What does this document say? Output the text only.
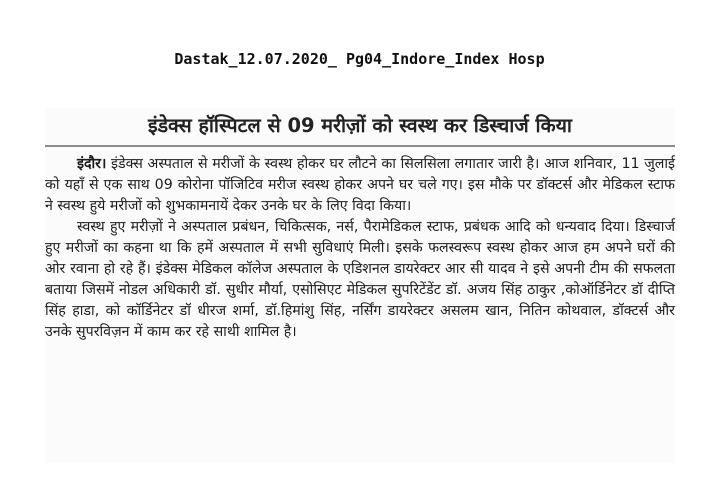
Dastak_12.07.2020_ Pg04_Indore_Index Hosp
इंडेक्स हॉस्पिटल से 09 मरीज़ों को स्वस्थ कर डिस्चार्ज किया

इंदौर। इंडेक्स अस्पताल से मरीजों के स्वस्थ होकर घर लौटने का सिलसिला लगातार जारी है। आज शनिवार, 11 जुलाई को यहाँ से एक साथ 09 कोरोना पॉजिटिव मरीज स्वस्थ होकर अपने घर चले गए। इस मौके पर डॉक्टर्स और मेडिकल स्टाफ ने स्वस्थ हुये मरीजों को शुभकामनायें देकर उनके घर के लिए विदा किया।

स्वस्थ हुए मरीज़ों ने अस्पताल प्रबंधन, चिकित्सक, नर्स, पैरामेडिकल स्टाफ, प्रबंधक आदि को धन्यवाद दिया। डिस्चार्ज हुए मरीजों का कहना था कि हमें अस्पताल में सभी सुविधाएं मिली। इसके फलस्वरूप स्वस्थ होकर आज हम अपने घरों की ओर रवाना हो रहे हैं। इंडेक्स मेडिकल कॉलेज अस्पताल के एडिशनल डायरेक्टर आर सी यादव ने इसे अपनी टीम की सफलता बताया जिसमें नोडल अधिकारी डॉ. सुधीर मौर्या, एसोसिएट मेडिकल सुपरिटेंडेंट डॉ. अजय सिंह ठाकुर ,कोऑर्डिनेटर डॉ दीप्ति सिंह हाडा, को कॉर्डिनेटर डॉ धीरज शर्मा, डॉ.हिमांशु सिंह, नर्सिंग डायरेक्टर असलम खान, नितिन कोथवाल, डॉक्टर्स और उनके सुपरविज़न में काम कर रहे साथी शामिल है।
